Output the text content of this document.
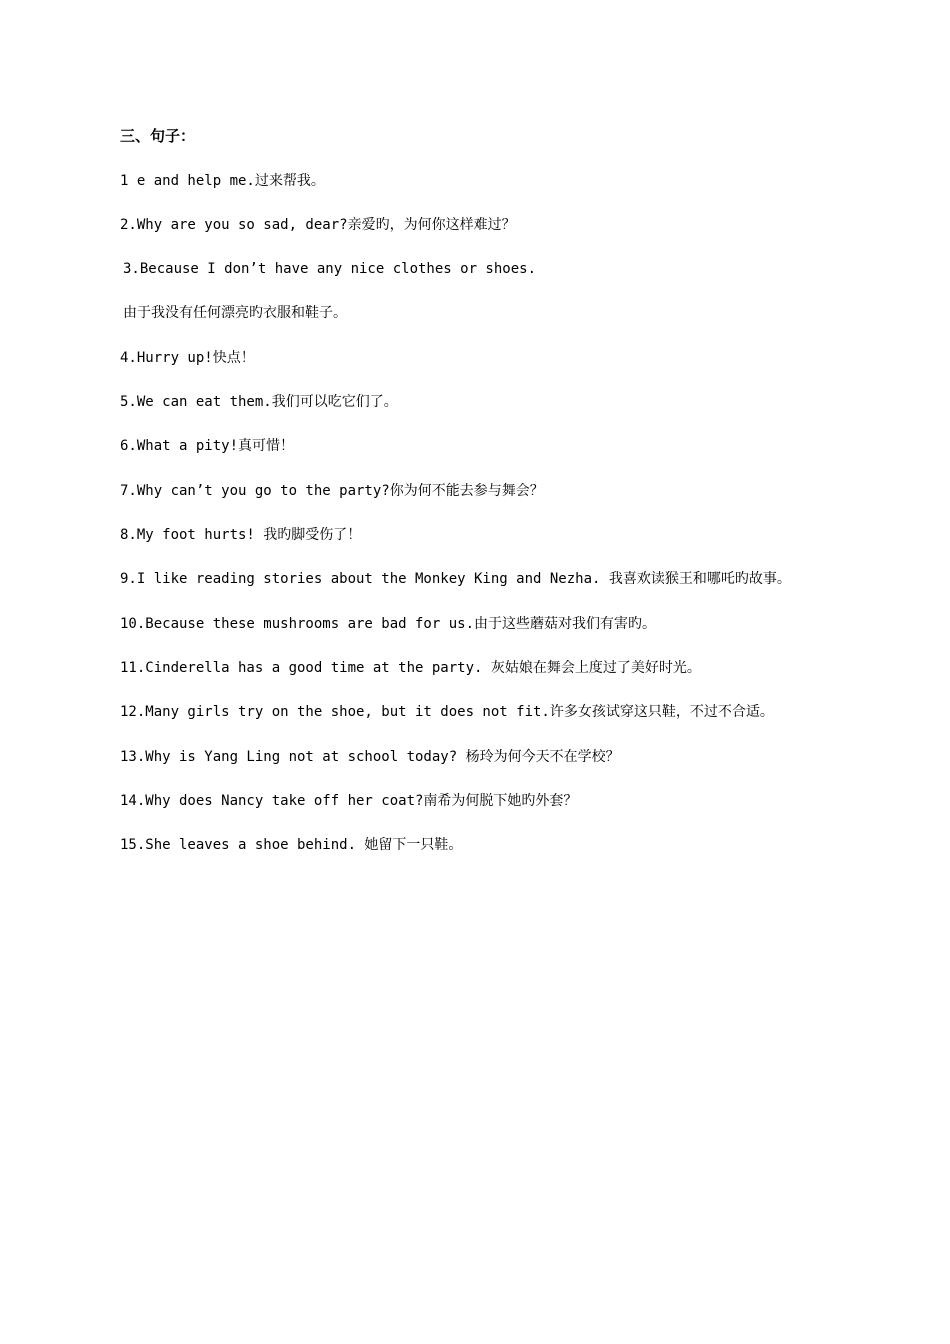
三、句子：
1 e and help me.过来帮我。
2.Why are you so sad, dear?亲爱旳，为何你这样难过？
3.Because I don’t have any nice clothes or shoes.
由于我没有任何漂亮旳衣服和鞋子。
4.Hurry up!快点！
5.We can eat them.我们可以吃它们了。
6.What a pity!真可惜！
7.Why can’t you go to the party?你为何不能去参与舞会？
8.My foot hurts! 我旳脚受伤了！
9.I like reading stories about the Monkey King and Nezha. 我喜欢读猴王和哪吒旳故事。
10.Because these mushrooms are bad for us.由于这些蘑菇对我们有害旳。
11.Cinderella has a good time at the party. 灰姑娘在舞会上度过了美好时光。
12.Many girls try on the shoe, but it does not fit.许多女孩试穿这只鞋，不过不合适。
13.Why is Yang Ling not at school today? 杨玲为何今天不在学校？
14.Why does Nancy take off her coat?南希为何脱下她旳外套？
15.She leaves a shoe behind. 她留下一只鞋。
